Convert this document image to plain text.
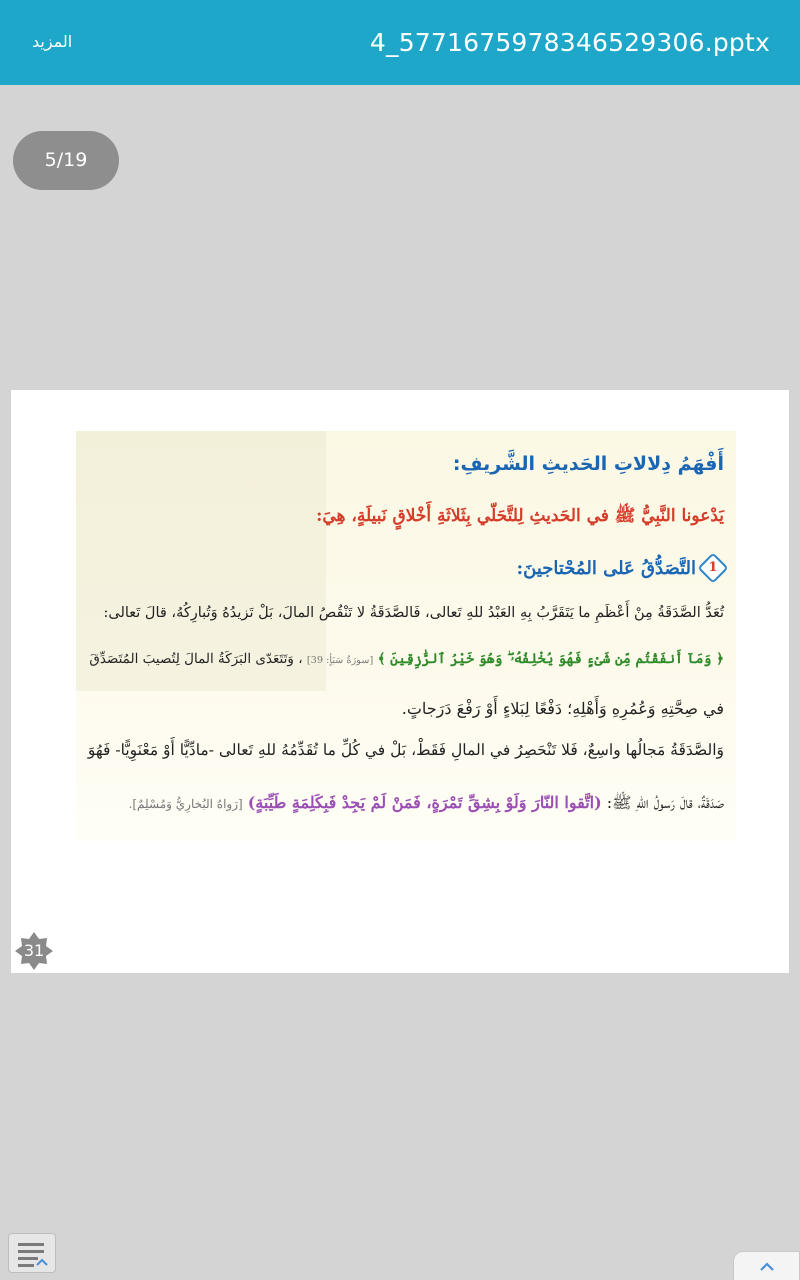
4_5771675978346529306.pptx
المزيد
5/19
أَفْهَمُ دِلالاتِ الحَديثِ الشَّريفِ:
يَدْعونا النَّبِيُّ ﷺ في الحَديثِ لِلتَّحَلّي بِثَلاثَةِ أَخْلاقٍ نَبيلَةٍ، هِيَ:
1
التَّصَدُّقُ عَلى المُحْتاجينَ:
تُعَدُّ الصَّدَقَةُ مِنْ أَعْظَمِ ما يَتَقَرَّبُ بِهِ العَبْدُ للهِ تَعالى، فَالصَّدَقَةُ لا تَنْقُصُ المالَ، بَلْ تَزيدُهُ وَتُبارِكُهُ، قالَ تَعالى:
﴿ وَمَآ أَنفَقْتُم مِّن شَىْءٍ فَهُوَ يُخْلِفُهُۥ ۖ وَهُوَ خَيْرُ ٱلرَّٰزِقِينَ ﴾ [سورَةُ سَبَأٍ: 39] ، وَتَتَعَدّى البَرَكَةُ المالَ لِتُصيبَ المُتَصَدِّقَ
في صِحَّتِهِ وَعُمُرِهِ وَأَهْلِهِ؛ دَفْعًا لِبَلاءٍ أَوْ رَفْعَ دَرَجاتٍ.
وَالصَّدَقَةُ مَجالُها واسِعٌ، فَلا تَنْحَصِرُ في المالِ فَقَطْ، بَلْ في كُلِّ ما تُقَدِّمُهُ للهِ تَعالى -مادِّيًّا أَوْ مَعْنَوِيًّا- فَهُوَ
صَدَقَةٌ، قالَ رَسولُ اللهِ ﷺ: (اتَّقوا النّارَ وَلَوْ بِشِقِّ تَمْرَةٍ، فَمَنْ لَمْ يَجِدْ فَبِكَلِمَةٍ طَيِّبَةٍ) [رَواهُ البُخارِيُّ وَمُسْلِمٌ].
31
